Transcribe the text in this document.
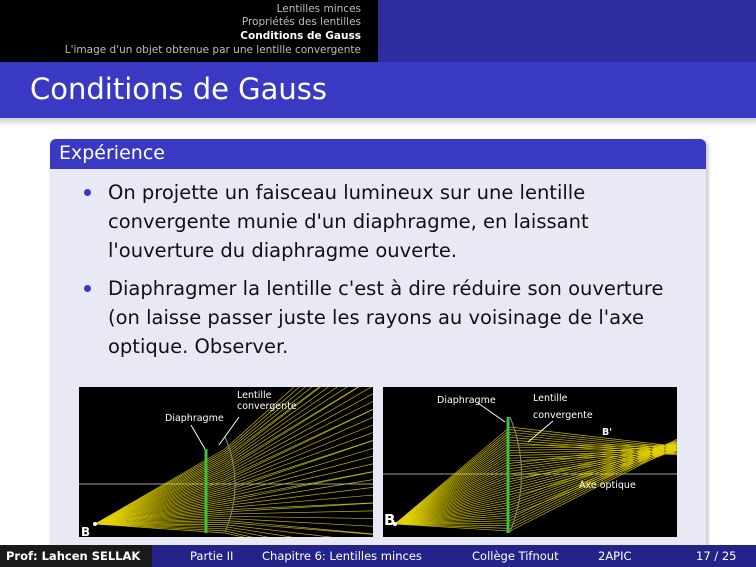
Lentilles minces
Propriétés des lentilles
Conditions de Gauss
L'image d'un objet obtenue par une lentille convergente
Conditions de Gauss
Expérience
On projette un faisceau lumineux sur une lentille convergente munie d'un diaphragme, en laissant l'ouverture du diaphragme ouverte.
Diaphragmer la lentille c'est à dire réduire son ouverture (on laisse passer juste les rayons au voisinage de l'axe optique. Observer.
Lentille
convergente
Diaphragme
B
Diaphragme	Lentille
convergente
B'
Axe optique
B
Prof: Lahcen SELLAK	Partie II Chapitre 6: Lentilles minces	Collège Tifnout	2APIC	17 / 25
